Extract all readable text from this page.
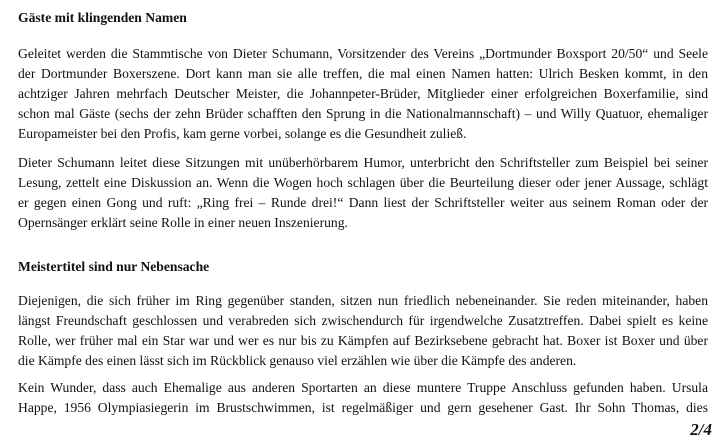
Gäste mit klingenden Namen

Geleitet werden die Stammtische von Dieter Schumann, Vorsitzender des Vereins „Dortmunder Boxsport 20/50“ und Seele
der Dortmunder Boxerszene. Dort kann man sie alle treffen, die mal einen Namen hatten: Ulrich Besken kommt, in den
achtziger Jahren mehrfach Deutscher Meister, die Johannpeter-Brüder, Mitglieder einer erfolgreichen Boxerfamilie, sind
schon mal Gäste (sechs der zehn Brüder schafften den Sprung in die Nationalmannschaft) – und Willy Quatuor, ehemaliger
Europameister bei den Profis, kam gerne vorbei, solange es die Gesundheit zuließ.

Dieter Schumann leitet diese Sitzungen mit unüberhörbarem Humor, unterbricht den Schriftsteller zum Beispiel bei seiner
Lesung, zettelt eine Diskussion an. Wenn die Wogen hoch schlagen über die Beurteilung dieser oder jener Aussage, schlägt
er gegen einen Gong und ruft: „Ring frei – Runde drei!“ Dann liest der Schriftsteller weiter aus seinem Roman oder der
Opernsänger erklärt seine Rolle in einer neuen Inszenierung.

Meistertitel sind nur Nebensache

Diejenigen, die sich früher im Ring gegenüber standen, sitzen nun friedlich nebeneinander. Sie reden miteinander, haben
längst Freundschaft geschlossen und verabreden sich zwischendurch für irgendwelche Zusatztreffen. Dabei spielt es keine
Rolle, wer früher mal ein Star war und wer es nur bis zu Kämpfen auf Bezirksebene gebracht hat. Boxer ist Boxer und über
die Kämpfe des einen lässt sich im Rückblick genauso viel erzählen wie über die Kämpfe des anderen.

Kein Wunder, dass auch Ehemalige aus anderen Sportarten an diese muntere Truppe Anschluss gefunden haben. Ursula
Happe, 1956 Olympiasiegerin im Brustschwimmen, ist regelmäßiger und gern gesehener Gast. Ihr Sohn Thomas, dies

2/4
